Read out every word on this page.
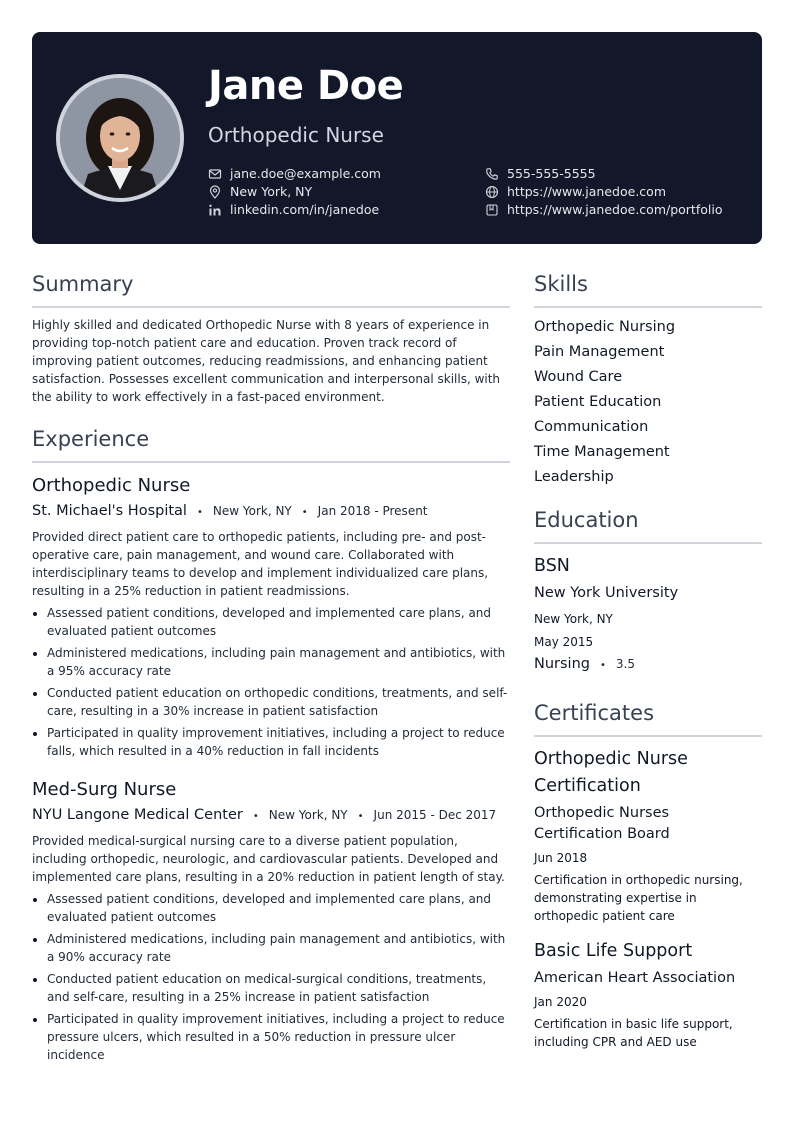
Jane Doe
Orthopedic Nurse
jane.doe@example.com
New York, NY
linkedin.com/in/janedoe
555-555-5555
https://www.janedoe.com
https://www.janedoe.com/portfolio
Summary
Highly skilled and dedicated Orthopedic Nurse with 8 years of experience in providing top-notch patient care and education. Proven track record of improving patient outcomes, reducing readmissions, and enhancing patient satisfaction. Possesses excellent communication and interpersonal skills, with the ability to work effectively in a fast-paced environment.
Experience
Orthopedic Nurse
St. Michael's Hospital • New York, NY • Jan 2018 - Present
Provided direct patient care to orthopedic patients, including pre- and post-operative care, pain management, and wound care. Collaborated with interdisciplinary teams to develop and implement individualized care plans, resulting in a 25% reduction in patient readmissions.
Assessed patient conditions, developed and implemented care plans, and evaluated patient outcomes
Administered medications, including pain management and antibiotics, with a 95% accuracy rate
Conducted patient education on orthopedic conditions, treatments, and self-care, resulting in a 30% increase in patient satisfaction
Participated in quality improvement initiatives, including a project to reduce falls, which resulted in a 40% reduction in fall incidents
Med-Surg Nurse
NYU Langone Medical Center • New York, NY • Jun 2015 - Dec 2017
Provided medical-surgical nursing care to a diverse patient population, including orthopedic, neurologic, and cardiovascular patients. Developed and implemented care plans, resulting in a 20% reduction in patient length of stay.
Assessed patient conditions, developed and implemented care plans, and evaluated patient outcomes
Administered medications, including pain management and antibiotics, with a 90% accuracy rate
Conducted patient education on medical-surgical conditions, treatments, and self-care, resulting in a 25% increase in patient satisfaction
Participated in quality improvement initiatives, including a project to reduce pressure ulcers, which resulted in a 50% reduction in pressure ulcer incidence
Skills
Orthopedic Nursing
Pain Management
Wound Care
Patient Education
Communication
Time Management
Leadership
Education
BSN
New York University
New York, NY
May 2015
Nursing • 3.5
Certificates
Orthopedic Nurse Certification
Orthopedic Nurses Certification Board
Jun 2018
Certification in orthopedic nursing, demonstrating expertise in orthopedic patient care
Basic Life Support
American Heart Association
Jan 2020
Certification in basic life support, including CPR and AED use
